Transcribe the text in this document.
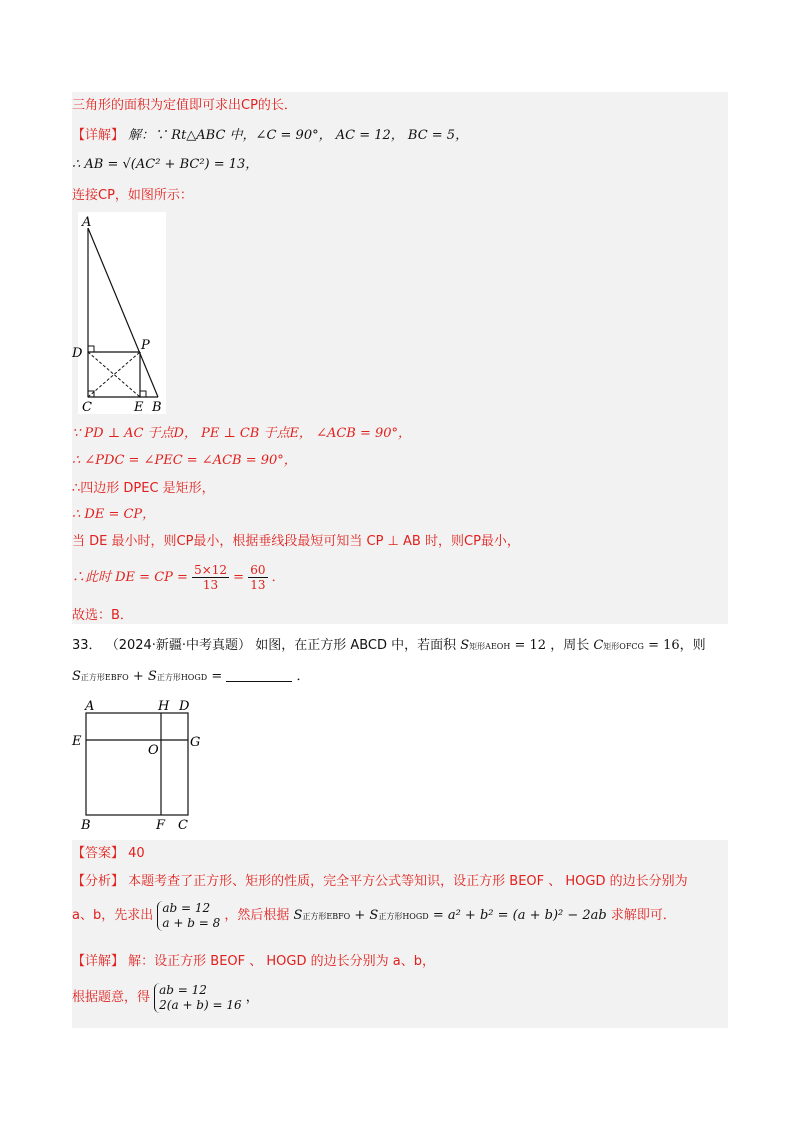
三角形的面积为定值即可求出CP的长．
【详解】 解：∵ Rt△ABC 中，∠C = 90°， AC = 12， BC = 5，
∴ AB = √(AC² + BC²) = 13，
连接CP，如图所示：
A
D
P
C	E B
∵ PD ⊥ AC 于点D， PE ⊥ CB 于点E， ∠ACB = 90°，
∴ ∠PDC = ∠PEC = ∠ACB = 90°，
∴四边形 DPEC 是矩形，
∴ DE = CP，
当 DE 最小时，则CP最小，根据垂线段最短可知当 CP ⊥ AB 时，则CP最小，
∴此时 DE = CP = $\frac{5\times 12}{13} = \frac{60}{13}$ ．
故选：B．
33． （2024·新疆·中考真题） 如图，在正方形 ABCD 中，若面积 S矩形AEOH = 12 ，周长 C矩形OFCG = 16，则
S正方形EBFO + S正方形HOGD =	．
A	H D
E
O
G
B	F C
【答案】 40
【分析】 本题考查了正方形、矩形的性质，完全平方公式等知识，设正方形 BEOF 、 HOGD 的边长分别为
a、b，先求出
ab = 12
a + b = 8 ，然后根据 S正方形EBFO + S正方形HOGD = a² + b² = (a + b)² − 2ab 求解即可．
【详解】 解：设正方形 BEOF 、 HOGD 的边长分别为 a、b，
根据题意，得
ab = 12
2(a + b) = 16 ，
